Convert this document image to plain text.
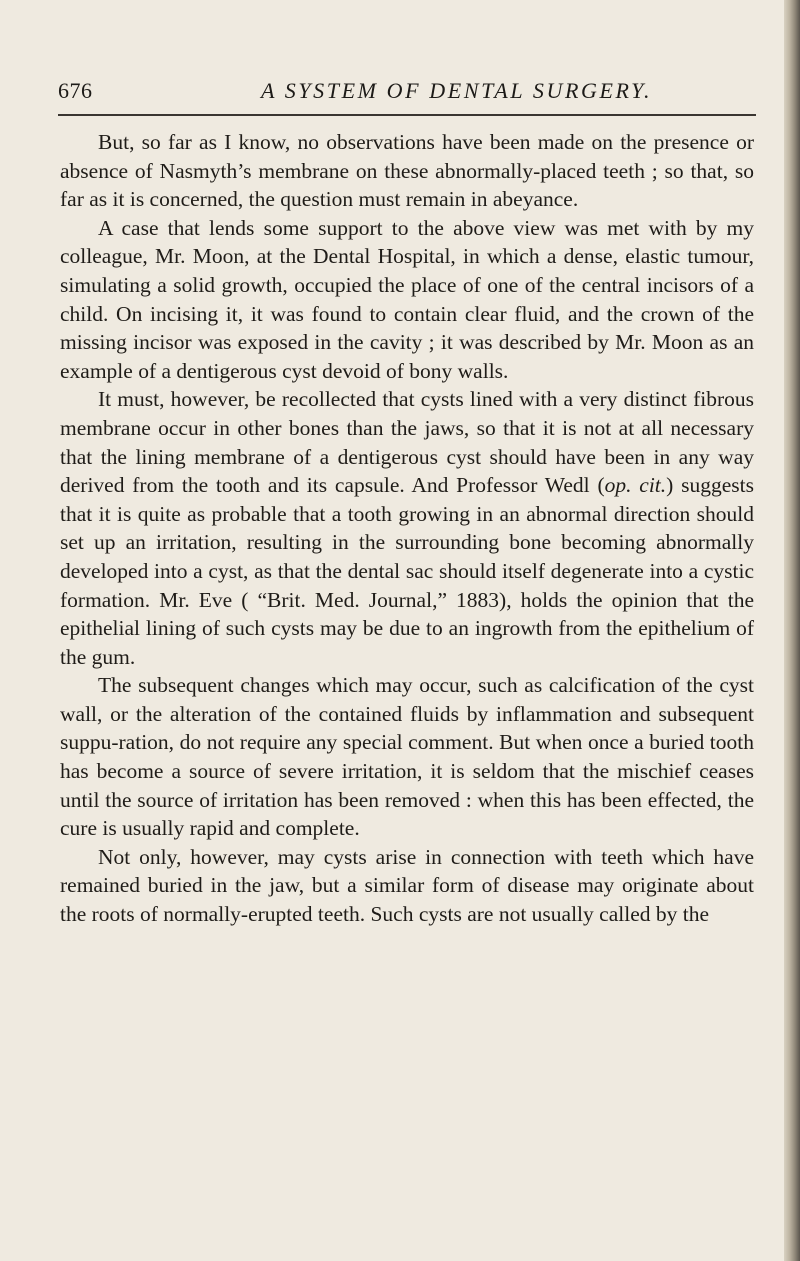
676	A SYSTEM OF DENTAL SURGERY.

But, so far as I know, no observations have been made on the presence or absence of Nasmyth’s membrane on these abnormally-placed teeth ; so that, so far as it is concerned, the question must remain in abeyance.

A case that lends some support to the above view was met with by my colleague, Mr. Moon, at the Dental Hospital, in which a dense, elastic tumour, simulating a solid growth, occupied the place of one of the central incisors of a child. On incising it, it was found to contain clear fluid, and the crown of the missing incisor was exposed in the cavity ; it was described by Mr. Moon as an example of a dentigerous cyst devoid of bony walls.

It must, however, be recollected that cysts lined with a very distinct fibrous membrane occur in other bones than the jaws, so that it is not at all necessary that the lining membrane of a dentigerous cyst should have been in any way derived from the tooth and its capsule. And Professor Wedl (op. cit.) suggests that it is quite as probable that a tooth growing in an abnormal direction should set up an irritation, resulting in the surrounding bone becoming abnormally developed into a cyst, as that the dental sac should itself degenerate into a cystic formation. Mr. Eve ( “Brit. Med. Journal,” 1883), holds the opinion that the epithelial lining of such cysts may be due to an ingrowth from the epithelium of the gum.

The subsequent changes which may occur, such as calcification of the cyst wall, or the alteration of the contained fluids by inflammation and subsequent suppu-ration, do not require any special comment. But when once a buried tooth has become a source of severe irritation, it is seldom that the mischief ceases until the source of irritation has been removed : when this has been effected, the cure is usually rapid and complete.

Not only, however, may cysts arise in connection with teeth which have remained buried in the jaw, but a similar form of disease may originate about the roots of normally-erupted teeth. Such cysts are not usually called by the
